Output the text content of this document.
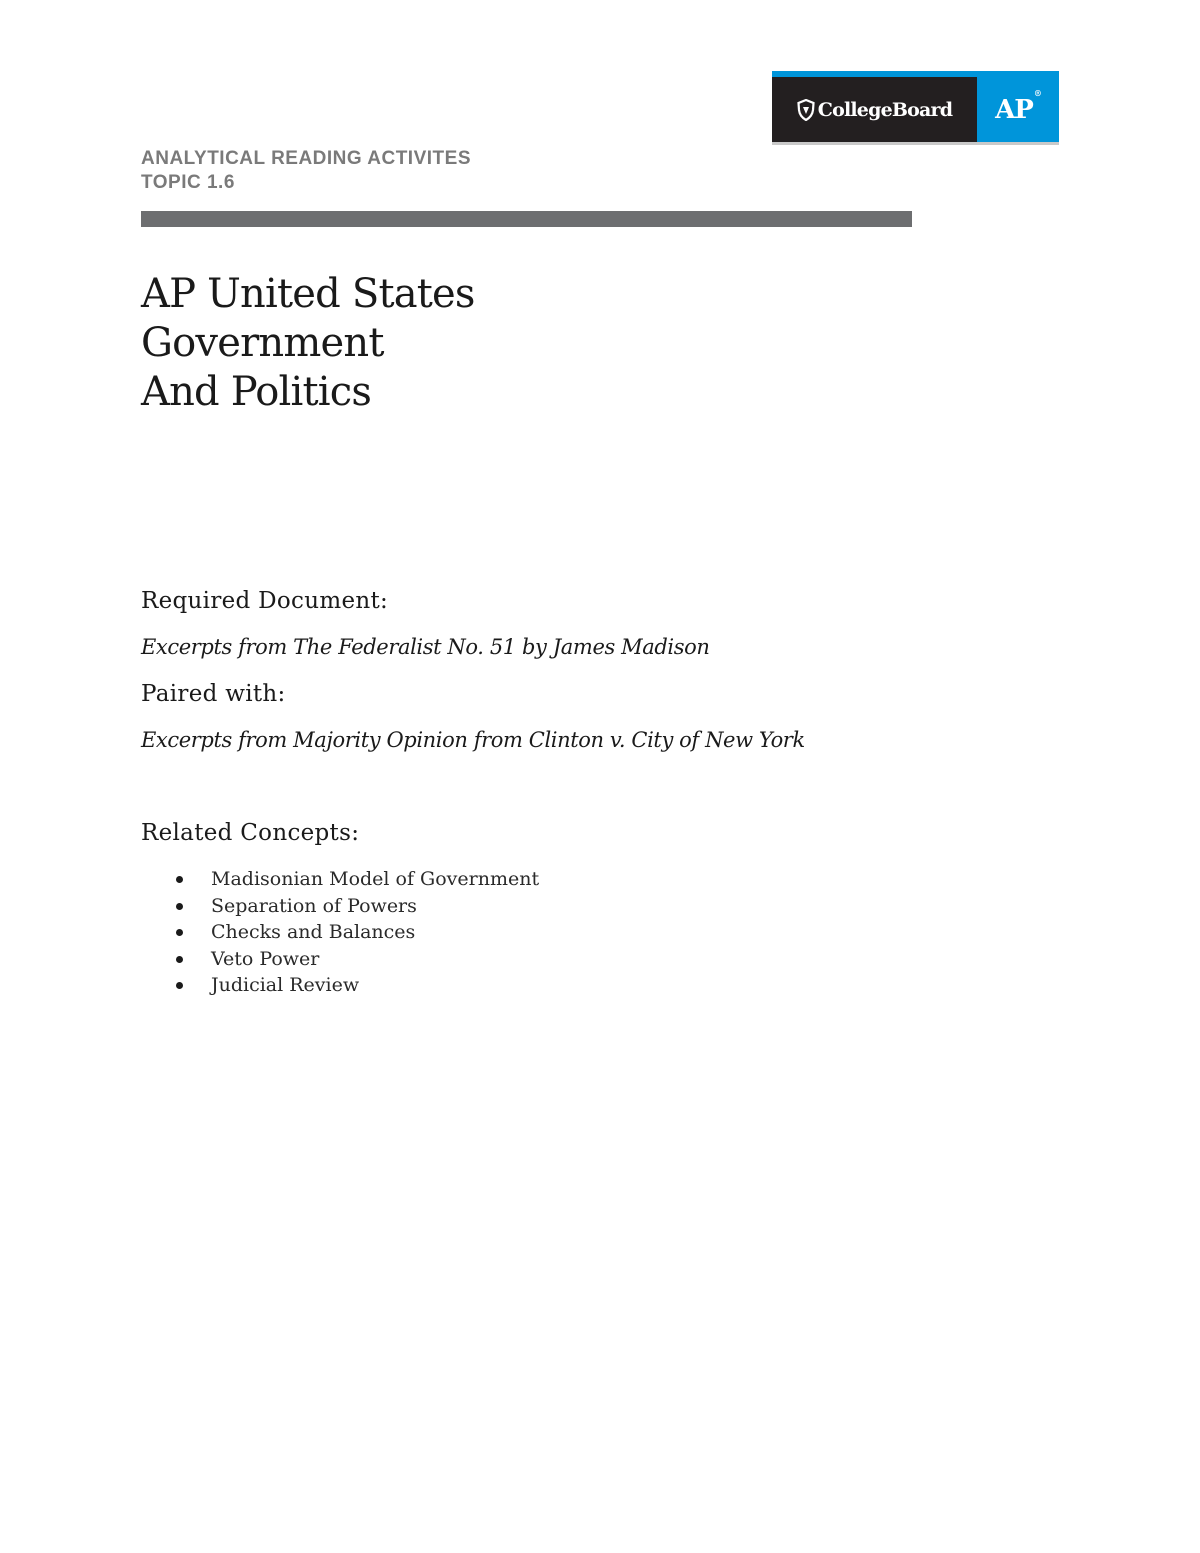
CollegeBoard AP®
ANALYTICAL READING ACTIVITES
TOPIC 1.6
AP United States
Government
And Politics
Required Document:
Excerpts from The Federalist No. 51 by James Madison
Paired with:
Excerpts from Majority Opinion from Clinton v. City of New York
Related Concepts:
Madisonian Model of Government
Separation of Powers
Checks and Balances
Veto Power
Judicial Review
